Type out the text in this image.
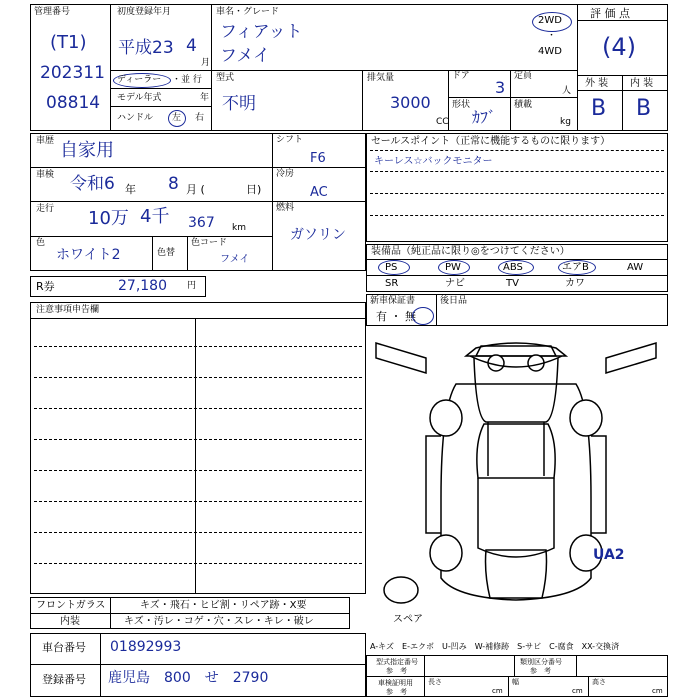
管理番号
(T1)
202311
08814
初度登録年月
平成23 4
月
車名・グレード
フィアット
フメイ
2WD
・
4WD
評 価 点
(4)
外 装 内 装
B B
ディーラー ・ 並 行
モデル年式	年
ハンドル 左 右
型式
不明
排気量
3000
CC
ドア
3
定員
人
形状
ｶﾌﾞ
積載
kg
車歴 自家用
車検 令和6 年 8 月 (	日)
走行 10万 4千 367 km
色
ホワイト2	色替
色コード
フメイ
シフト
F6
冷房
AC
燃料
ガソリン
セールスポイント（正常に機能するものに限ります）
キーレス☆バックモニター
装備品（純正品に限り◎をつけてください）
PS	PW	ABS	エアB	AW
SR	ナビ	TV	カワ
新車保証書
有 ・ 無
後日品
R券	27,180 円
注意事項申告欄
UA2
スペア
フロントガラス	キズ・飛石・ヒビ割・リペア跡・X要
内装	キズ・汚レ・コゲ・穴・スレ・キレ・破レ
車台番号 01892993
登録番号 鹿児島　800　せ　2790
A-キズ　E-エクボ　U-凹み　W-補修跡　S-サビ　C-腐食　XX-交換済
型式指定番号
参　考
類別区分番号
参　考
車検証明用
参　考
長さ
cm
幅
cm
高さ
cm
